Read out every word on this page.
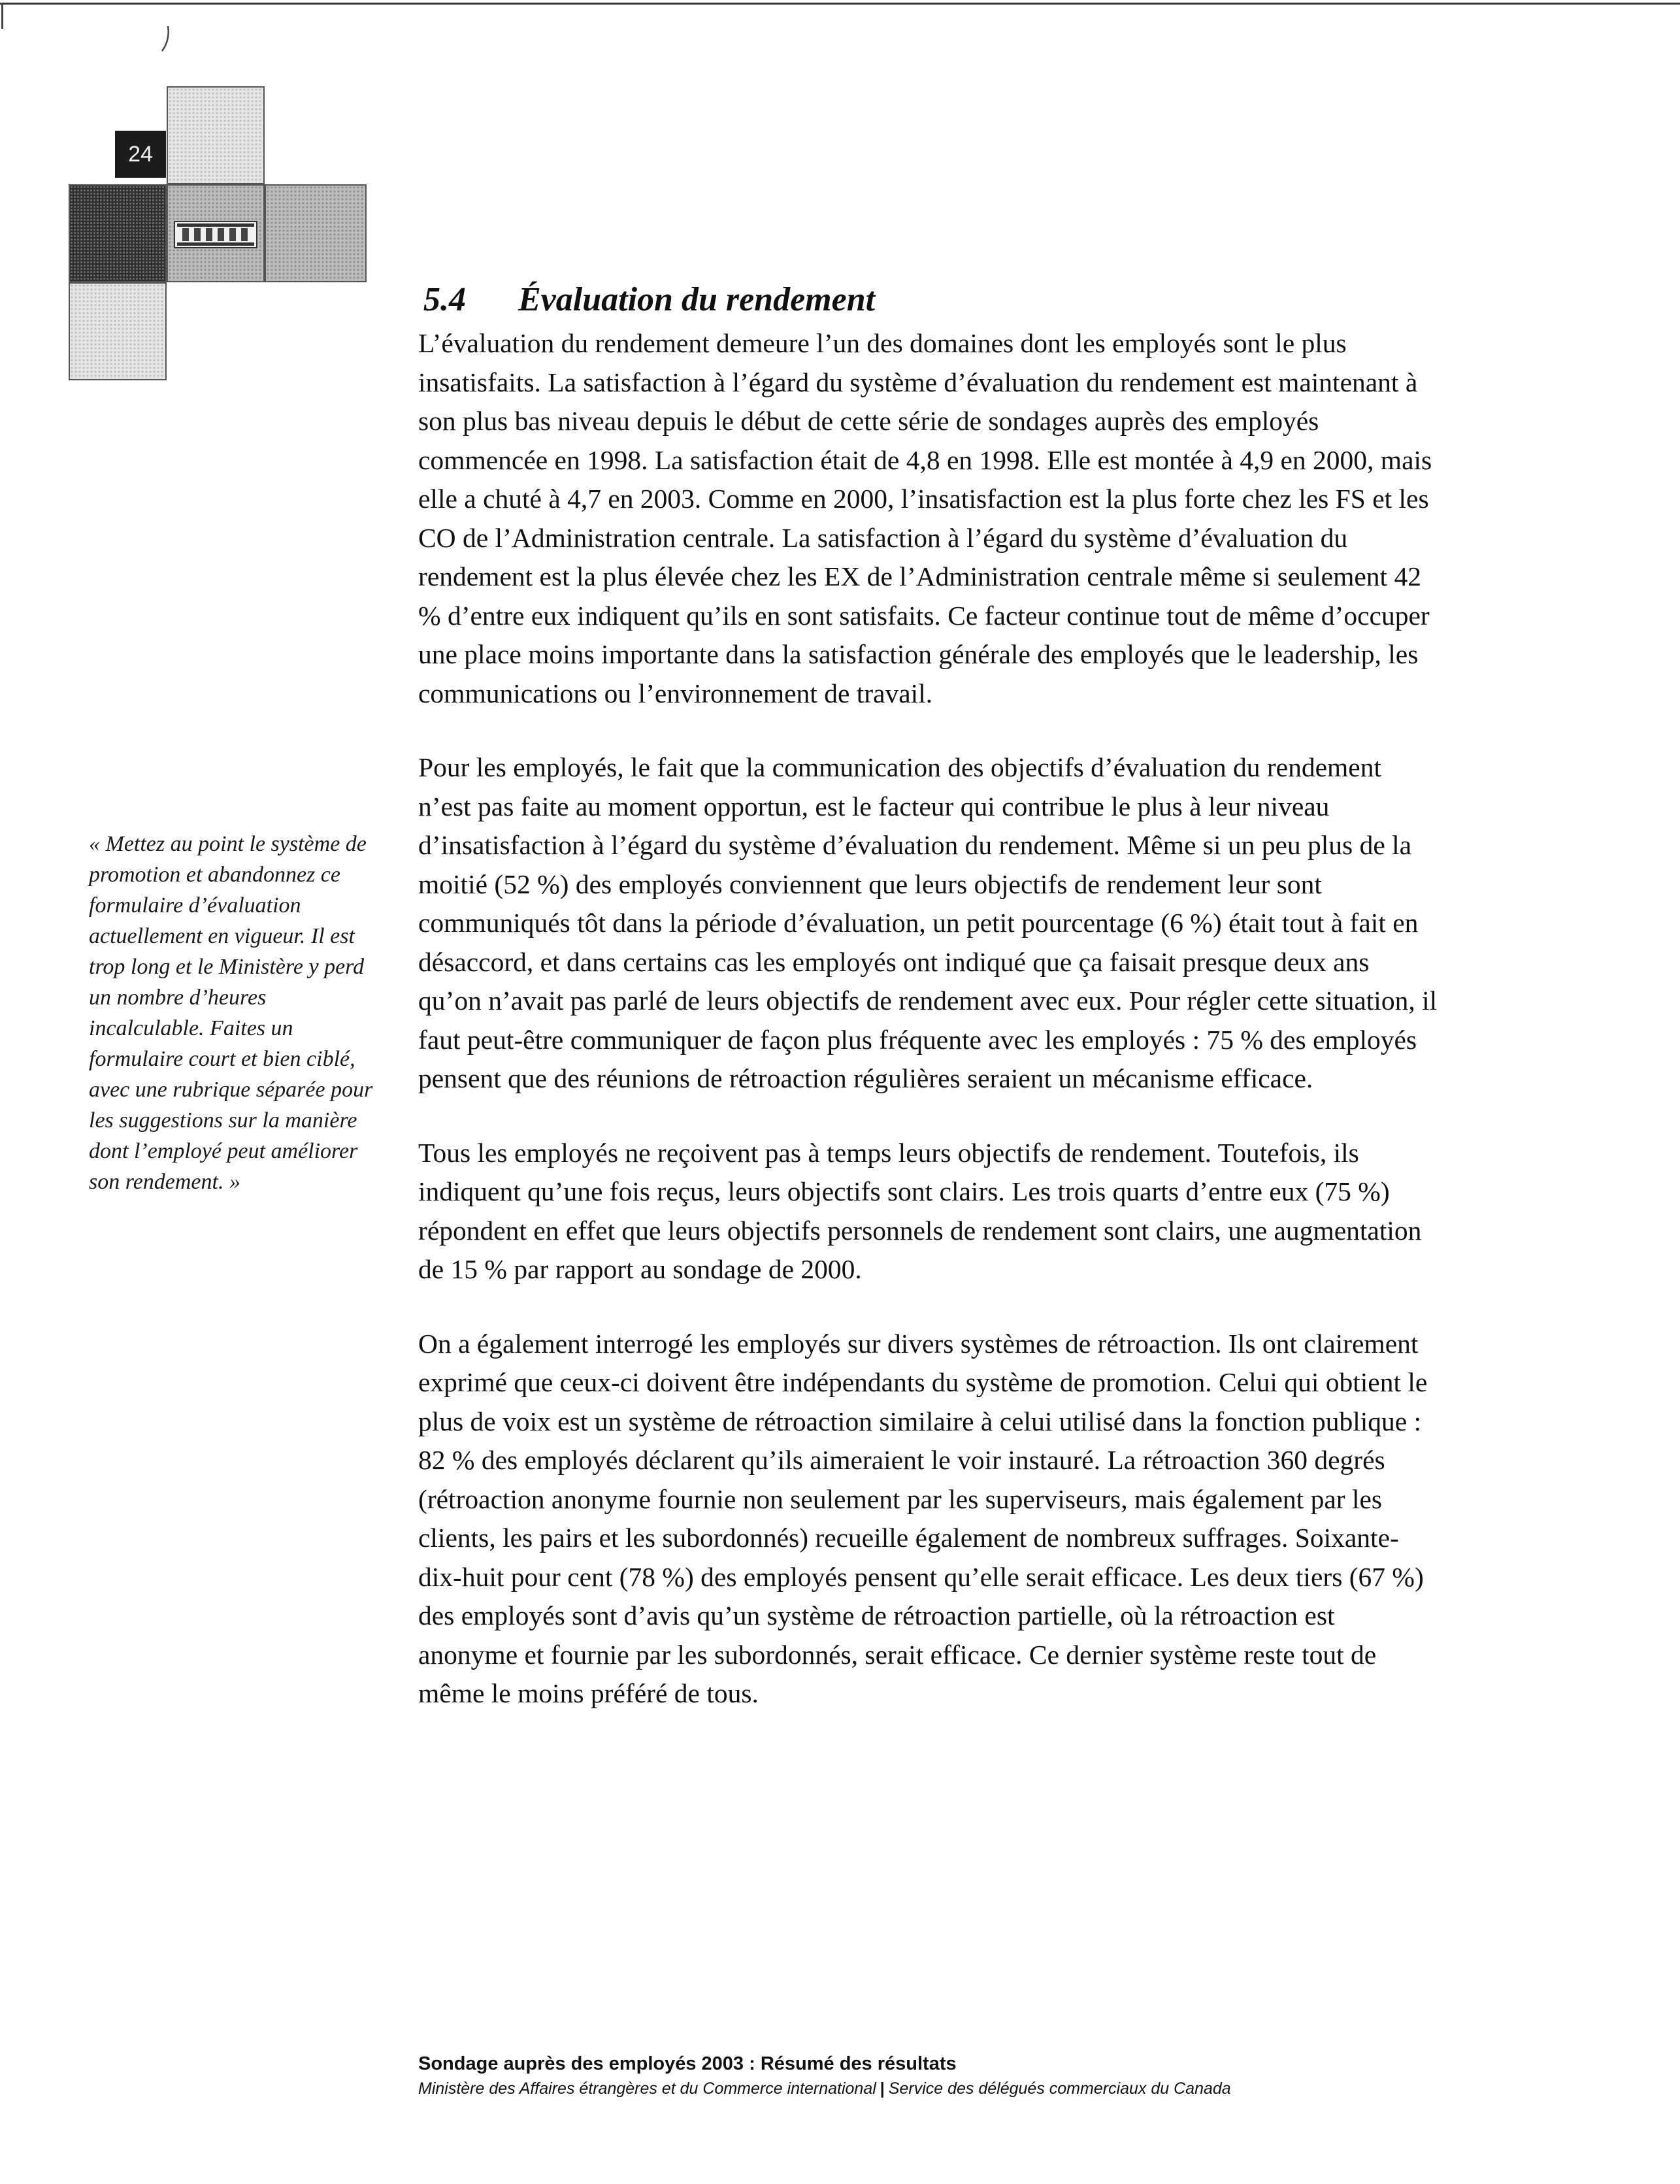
24
5.4 Évaluation du rendement

L’évaluation du rendement demeure l’un des domaines dont les employés sont le plus insatisfaits. La satisfaction à l’égard du système d’évaluation du rendement est maintenant à son plus bas niveau depuis le début de cette série de sondages auprès des employés commencée en 1998. La satisfaction était de 4,8 en 1998. Elle est montée à 4,9 en 2000, mais elle a chuté à 4,7 en 2003. Comme en 2000, l’insatisfaction est la plus forte chez les FS et les CO de l’Administration centrale. La satisfaction à l’égard du système d’évaluation du rendement est la plus élevée chez les EX de l’Administration centrale même si seulement 42 % d’entre eux indiquent qu’ils en sont satisfaits. Ce facteur continue tout de même d’occuper une place moins importante dans la satisfaction générale des employés que le leadership, les communications ou l’environnement de travail.

Pour les employés, le fait que la communication des objectifs d’évaluation du rendement n’est pas faite au moment opportun, est le facteur qui contribue le plus à leur niveau d’insatisfaction à l’égard du système d’évaluation du rendement. Même si un peu plus de la moitié (52 %) des employés conviennent que leurs objectifs de rendement leur sont communiqués tôt dans la période d’évaluation, un petit pourcentage (6 %) était tout à fait en désaccord, et dans certains cas les employés ont indiqué que ça faisait presque deux ans qu’on n’avait pas parlé de leurs objectifs de rendement avec eux. Pour régler cette situation, il faut peut-être communiquer de façon plus fréquente avec les employés : 75 % des employés pensent que des réunions de rétroaction régulières seraient un mécanisme efficace.

Tous les employés ne reçoivent pas à temps leurs objectifs de rendement. Toutefois, ils indiquent qu’une fois reçus, leurs objectifs sont clairs. Les trois quarts d’entre eux (75 %) répondent en effet que leurs objectifs personnels de rendement sont clairs, une augmentation de 15 % par rapport au sondage de 2000.

On a également interrogé les employés sur divers systèmes de rétroaction. Ils ont clairement exprimé que ceux-ci doivent être indépendants du système de promotion. Celui qui obtient le plus de voix est un système de rétroaction similaire à celui utilisé dans la fonction publique : 82 % des employés déclarent qu’ils aimeraient le voir instauré. La rétroaction 360 degrés (rétroaction anonyme fournie non seulement par les superviseurs, mais également par les clients, les pairs et les subordonnés) recueille également de nombreux suffrages. Soixante-dix-huit pour cent (78 %) des employés pensent qu’elle serait efficace. Les deux tiers (67 %) des employés sont d’avis qu’un système de rétroaction partielle, où la rétroaction est anonyme et fournie par les subordonnés, serait efficace. Ce dernier système reste tout de même le moins préféré de tous.

« Mettez au point le système de promotion et abandonnez ce formulaire d’évaluation actuellement en vigueur. Il est trop long et le Ministère y perd un nombre d’heures incalculable. Faites un formulaire court et bien ciblé, avec une rubrique séparée pour les suggestions sur la manière dont l’employé peut améliorer son rendement. »
Sondage auprès des employés 2003 : Résumé des résultats
Ministère des Affaires étrangères et du Commerce international | Service des délégués commerciaux du Canada
